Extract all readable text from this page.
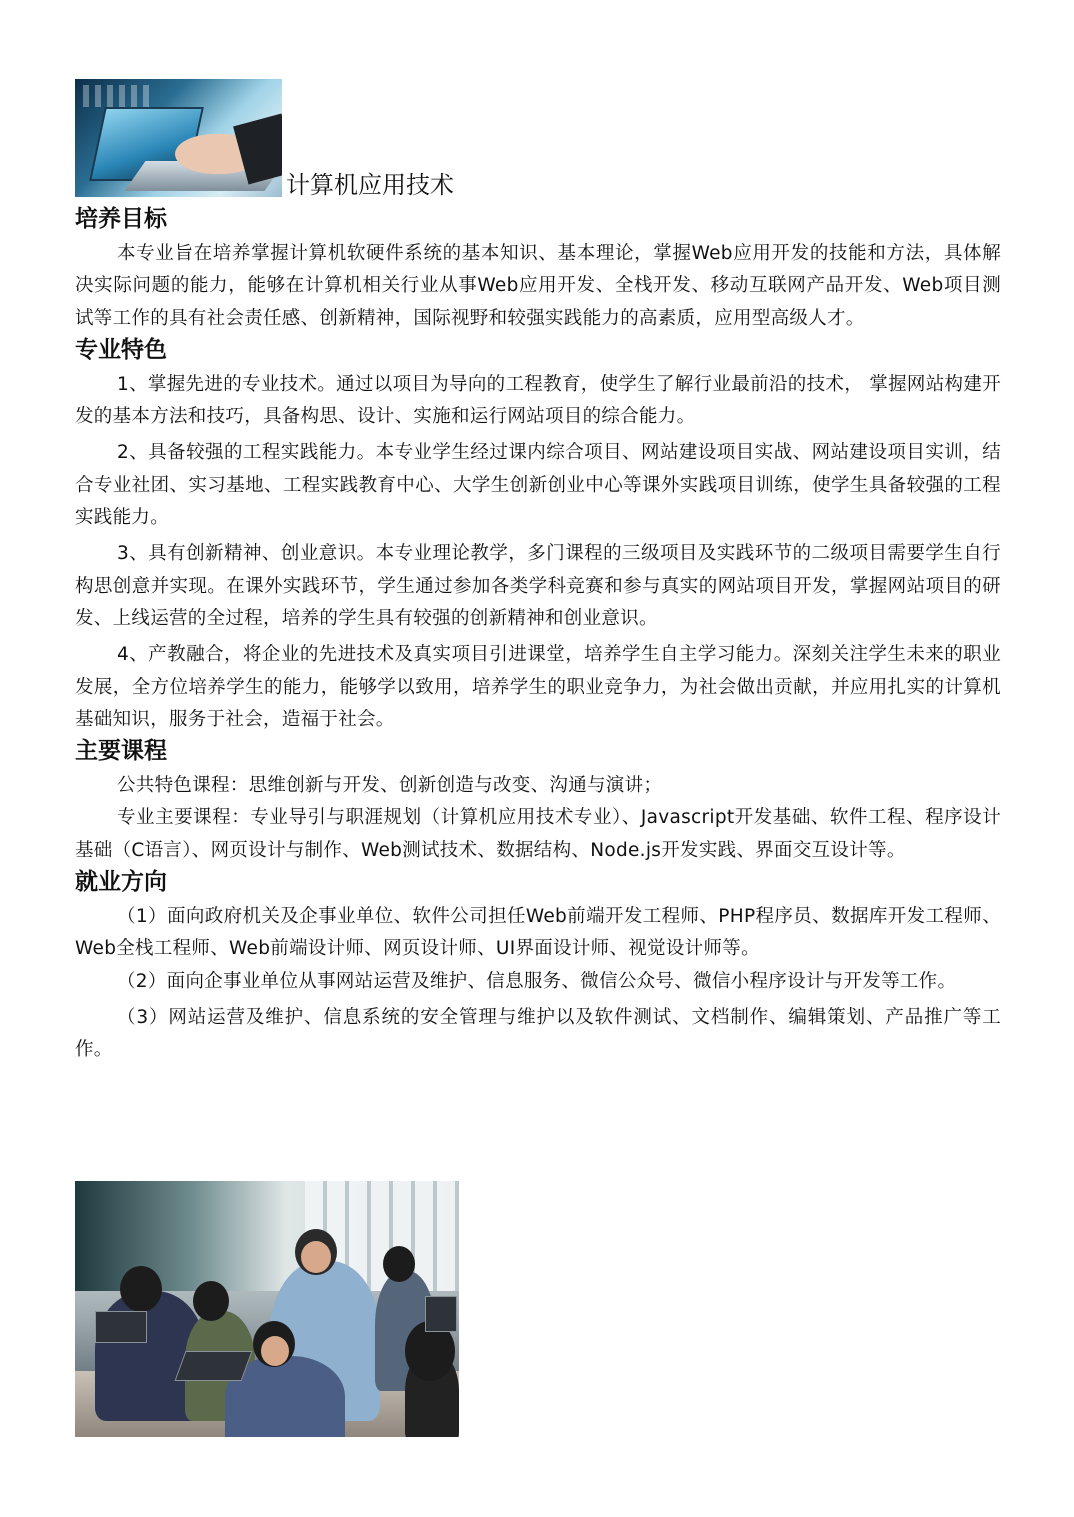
计算机应用技术
培养目标

本专业旨在培养掌握计算机软硬件系统的基本知识、基本理论，掌握Web应用开发的技能和方法，具体解决实际问题的能力，能够在计算机相关行业从事Web应用开发、全栈开发、移动互联网产品开发、Web项目测试等工作的具有社会责任感、创新精神，国际视野和较强实践能力的高素质，应用型高级人才。

专业特色

1、掌握先进的专业技术。通过以项目为导向的工程教育，使学生了解行业最前沿的技术， 掌握网站构建开发的基本方法和技巧，具备构思、设计、实施和运行网站项目的综合能力。

2、具备较强的工程实践能力。本专业学生经过课内综合项目、网站建设项目实战、网站建设项目实训，结合专业社团、实习基地、工程实践教育中心、大学生创新创业中心等课外实践项目训练，使学生具备较强的工程实践能力。

3、具有创新精神、创业意识。本专业理论教学，多门课程的三级项目及实践环节的二级项目需要学生自行构思创意并实现。在课外实践环节，学生通过参加各类学科竞赛和参与真实的网站项目开发，掌握网站项目的研发、上线运营的全过程，培养的学生具有较强的创新精神和创业意识。

4、产教融合，将企业的先进技术及真实项目引进课堂，培养学生自主学习能力。深刻关注学生未来的职业发展，全方位培养学生的能力，能够学以致用，培养学生的职业竞争力，为社会做出贡献，并应用扎实的计算机基础知识，服务于社会，造福于社会。

主要课程

公共特色课程：思维创新与开发、创新创造与改变、沟通与演讲；

专业主要课程：专业导引与职涯规划（计算机应用技术专业）、Javascript开发基础、软件工程、程序设计基础（C语言）、网页设计与制作、Web测试技术、数据结构、Node.js开发实践、界面交互设计等。

就业方向

（1）面向政府机关及企事业单位、软件公司担任Web前端开发工程师、PHP程序员、数据库开发工程师、Web全栈工程师、Web前端设计师、网页设计师、UI界面设计师、视觉设计师等。

（2）面向企事业单位从事网站运营及维护、信息服务、微信公众号、微信小程序设计与开发等工作。

（3）网站运营及维护、信息系统的安全管理与维护以及软件测试、文档制作、编辑策划、产品推广等工作。
